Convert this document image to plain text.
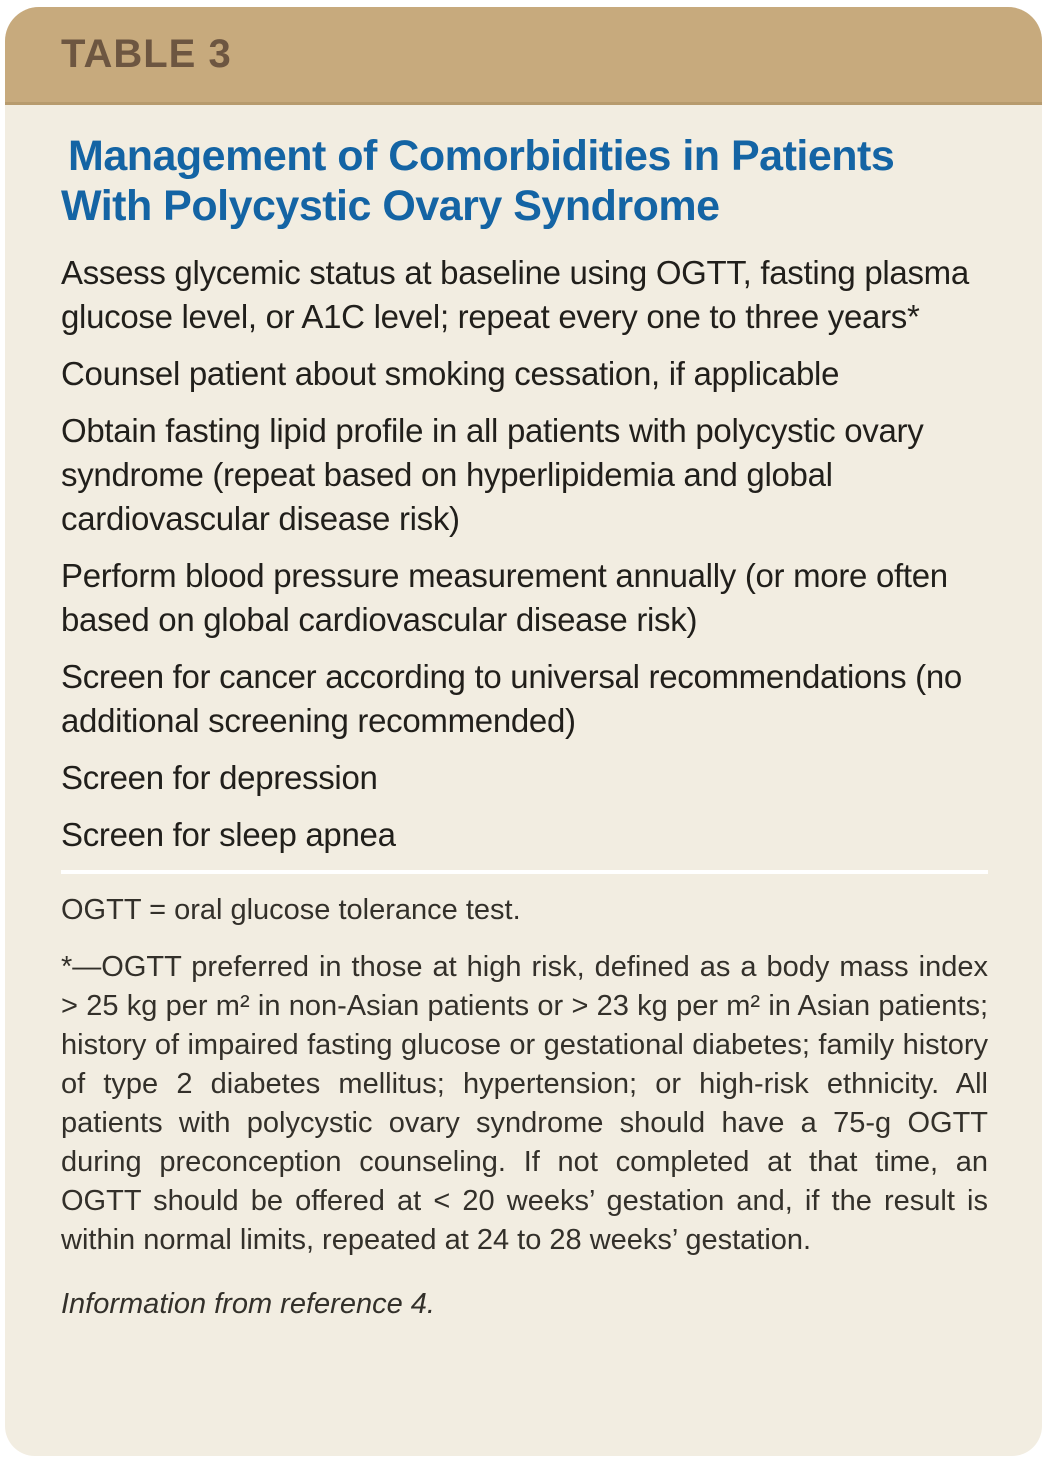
TABLE 3
Management of Comorbidities in Patients
With Polycystic Ovary Syndrome
Assess glycemic status at baseline using OGTT, fasting plasma glucose level, or A1C level; repeat every one to three years*
Counsel patient about smoking cessation, if applicable
Obtain fasting lipid profile in all patients with polycystic ovary syndrome (repeat based on hyperlipidemia and global cardiovascular disease risk)
Perform blood pressure measurement annually (or more often based on global cardiovascular disease risk)
Screen for cancer according to universal recommendations (no additional screening recommended)
Screen for depression
Screen for sleep apnea

OGTT = oral glucose tolerance test.

*—OGTT preferred in those at high risk, defined as a body mass index > 25 kg per m² in non-Asian patients or > 23 kg per m² in Asian patients; history of impaired fasting glucose or gestational diabetes; family history of type 2 diabetes mellitus; hypertension; or high-risk ethnicity. All patients with polycystic ovary syndrome should have a 75-g OGTT during preconception counseling. If not completed at that time, an OGTT should be offered at < 20 weeks’ gestation and, if the result is within normal limits, repeated at 24 to 28 weeks’ gestation.

Information from reference 4.
